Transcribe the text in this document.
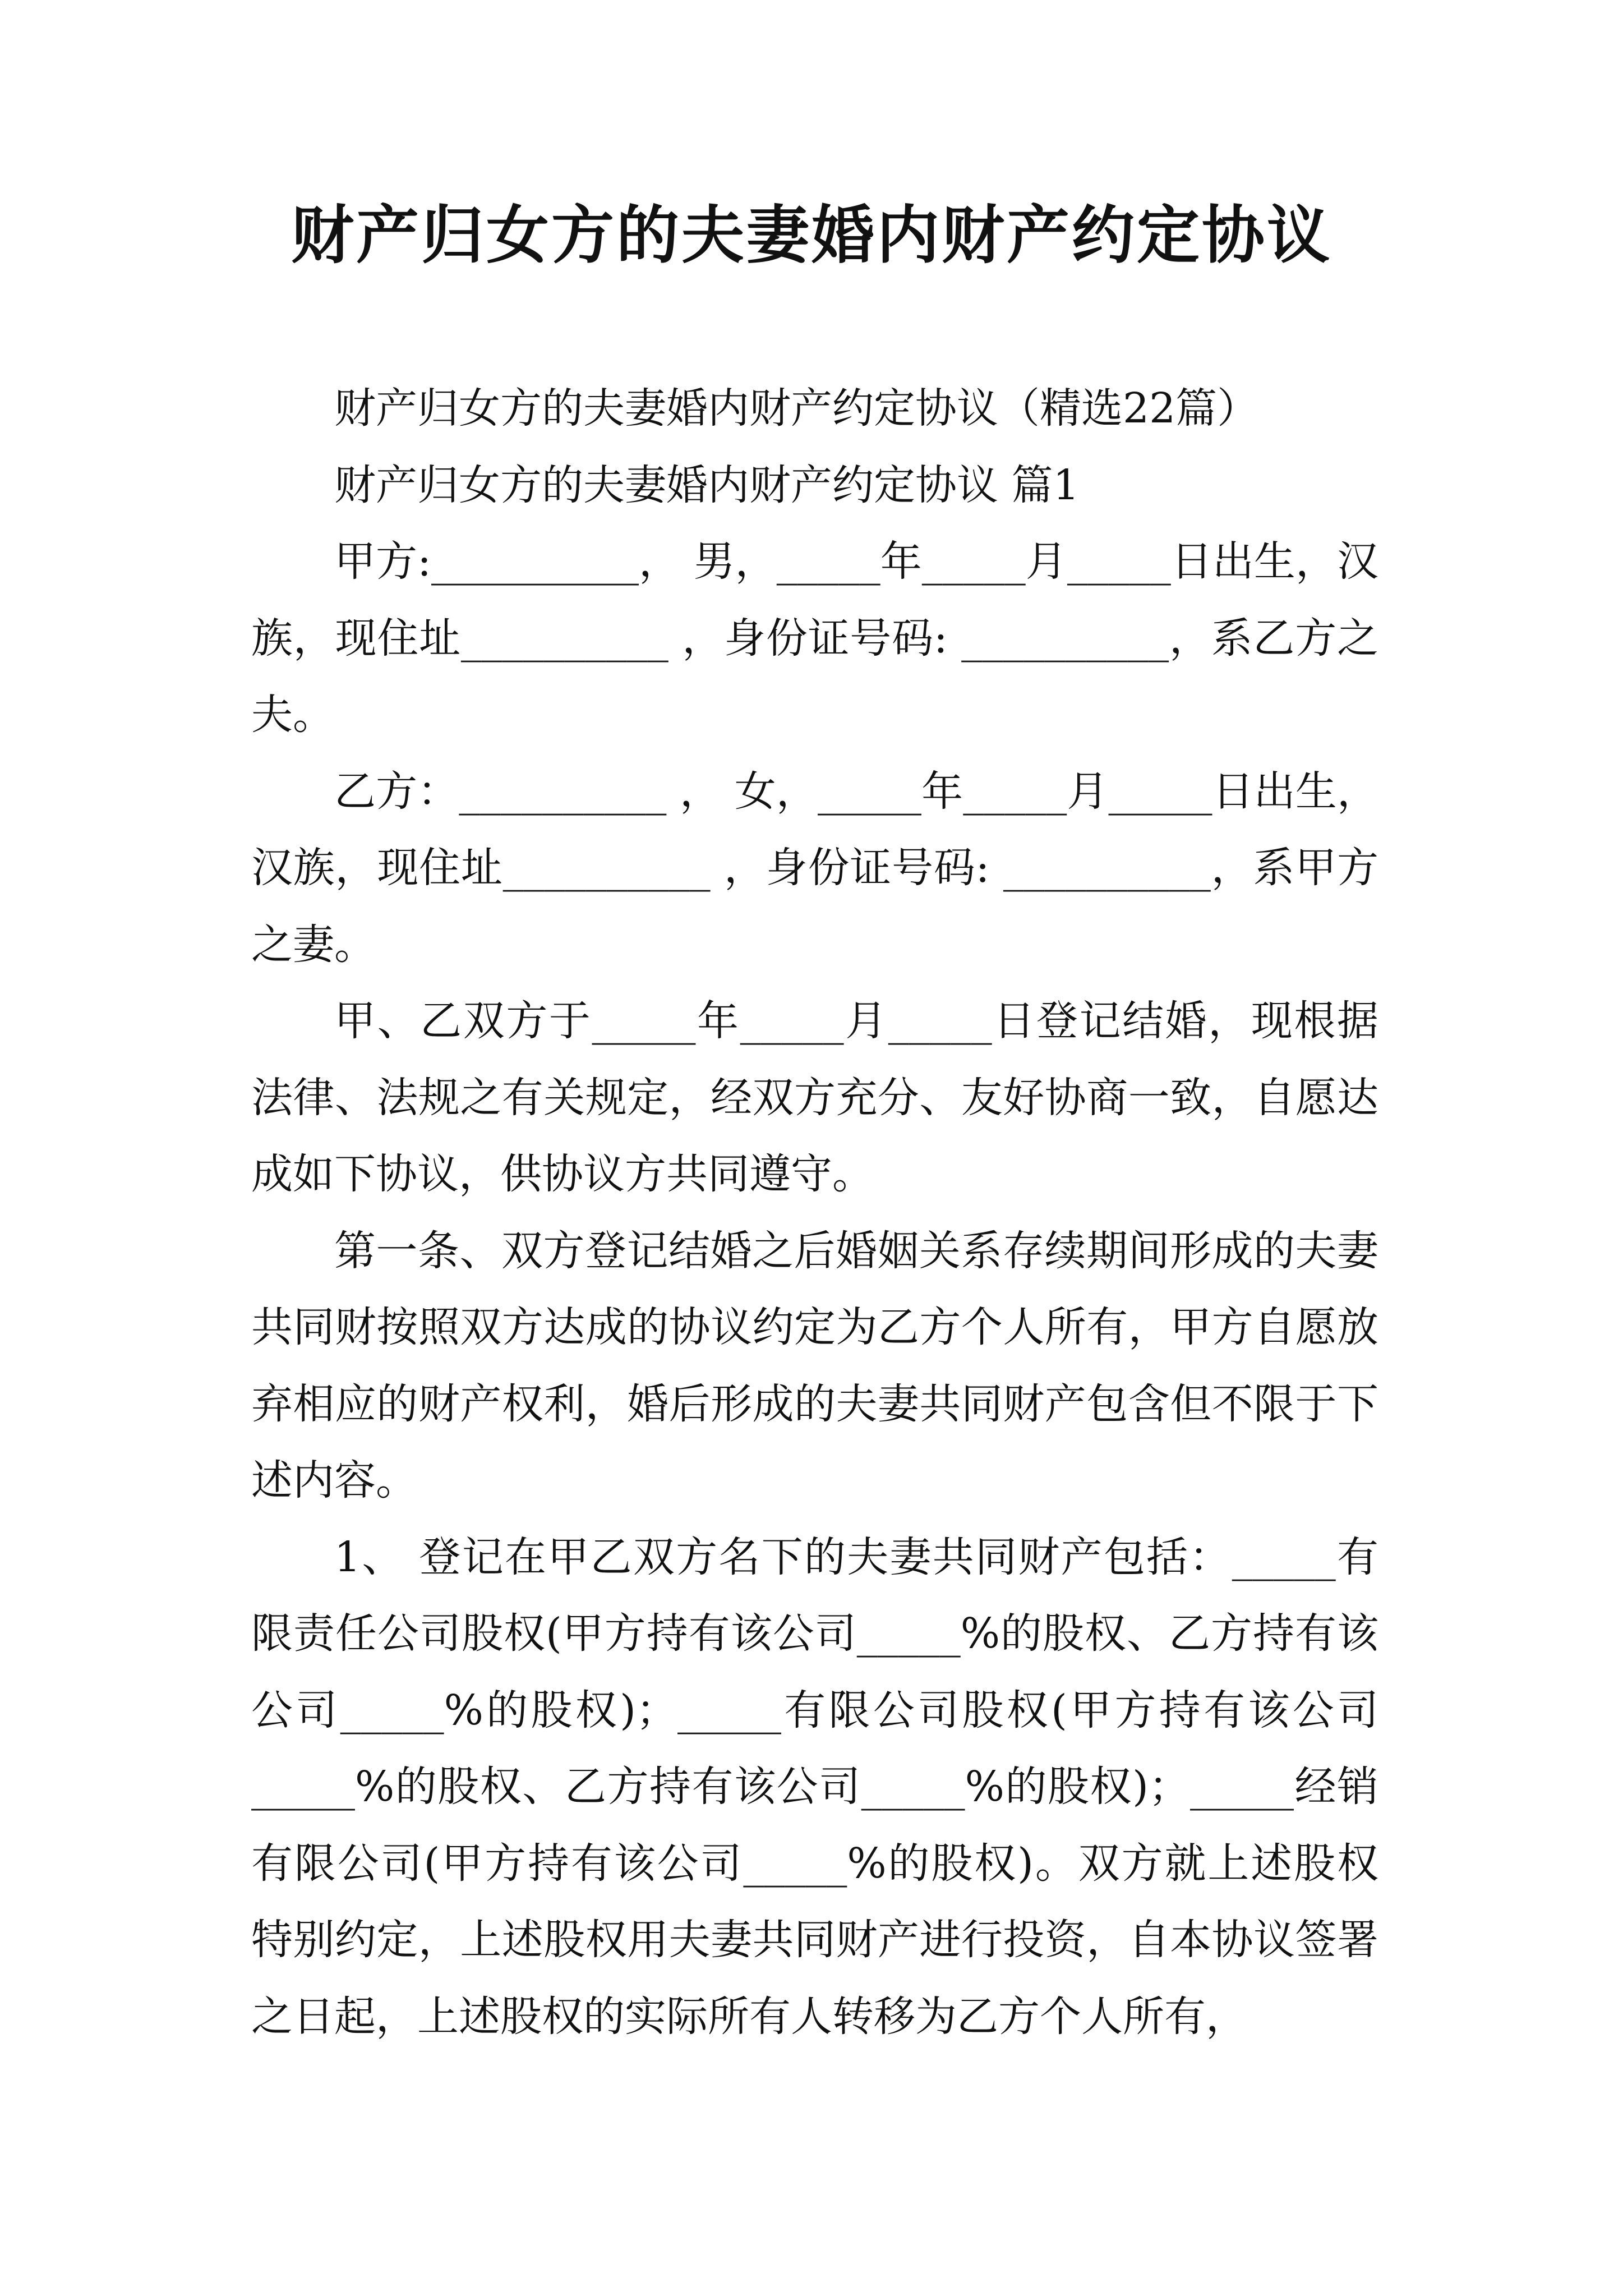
财产归女方的夫妻婚内财产约定协议

财产归女方的夫妻婚内财产约定协议（精选22篇）

财产归女方的夫妻婚内财产约定协议 篇1

甲方:__________， 男，_____年_____月_____日出生，汉族，现住址__________ ，身份证号码: __________，系乙方之夫。

乙方：__________ ， 女，_____年_____月_____日出生，汉族，现住址__________ ，身份证号码: __________，系甲方之妻。

甲、乙双方于_____年_____月_____日登记结婚，现根据法律、法规之有关规定，经双方充分、友好协商一致，自愿达成如下协议，供协议方共同遵守。

第一条、双方登记结婚之后婚姻关系存续期间形成的夫妻共同财按照双方达成的协议约定为乙方个人所有，甲方自愿放弃相应的财产权利，婚后形成的夫妻共同财产包含但不限于下述内容。

1、 登记在甲乙双方名下的夫妻共同财产包括：_____有限责任公司股权(甲方持有该公司_____%的股权、乙方持有该公司_____%的股权)；_____有限公司股权(甲方持有该公司_____%的股权、乙方持有该公司_____%的股权)；_____经销有限公司(甲方持有该公司_____%的股权)。双方就上述股权特别约定，上述股权用夫妻共同财产进行投资，自本协议签署之日起，上述股权的实际所有人转移为乙方个人所有，
